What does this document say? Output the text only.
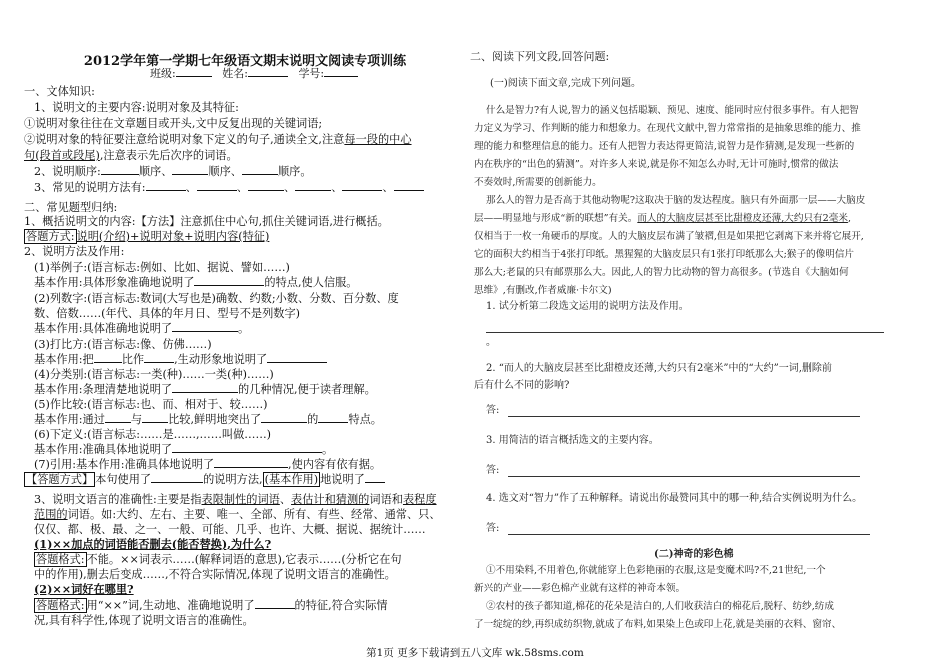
2012学年第一学期七年级语文期末说明文阅读专项训练
班级:	姓名:	学号:
一、文体知识:
1、说明文的主要内容:说明对象及其特征:
①说明对象往往在文章题目或开头,文中反复出现的关键词语;
②说明对象的特征要注意给说明对象下定义的句子,通读全文,注意每一段的中心
句(段首或段尾),注意表示先后次序的词语。
2、说明顺序:	顺序、	顺序、	顺序。
3、常见的说明方法有:	、	、	、	、	、
二、常见题型归纳:
1、概括说明文的内容:【方法】注意抓住中心句,抓住关键词语,进行概括。
答题方式: 说明(介绍)+说明对象+说明内容(特征)
2、说明方法及作用:
(1)举例子:(语言标志:例如、比如、据说、譬如……)
基本作用:具体形象准确地说明了	的特点,使人信服。
(2)列数字:(语言标志:数词(大写也是)确数、约数;小数、分数、百分数、度
数、倍数……(年代、具体的年月日、型号不是列数字)
基本作用:具体准确地说明了	。
(3)打比方:(语言标志:像、仿佛……)
基本作用:把	比作	,生动形象地说明了
(4)分类别:(语言标志:一类(种)……一类(种)……)
基本作用:条理清楚地说明了	的几种情况,便于读者理解。
(5)作比较:(语言标志:也、而、相对于、较……)
基本作用:通过 与 比较,鲜明地突出了	的	特点。
(6)下定义:(语言标志:……是……,……叫做……)
基本作用:准确具体地说明了	。
(7)引用:基本作用:准确具体地说明了	,使内容有依有据。
【答题方式】 本句使用了	的说明方法, (基本作用) 地说明了
3、说明文语言的准确性:主要是指表限制性的词语、表估计和猜测的词语和表程度
范围的词语。如:大约、左右、主要、唯一、全部、所有、有些、经常、通常、只、
仅仅、都、极、最、之一、一般、可能、几乎、也许、大概、据说、据统计……
(1)××加点的词语能否删去(能否替换),为什么?
答题格式: 不能。××词表示……(解释词语的意思),它表示……(分析它在句
中的作用),删去后变成……,不符合实际情况,体现了说明文语言的准确性。
(2)××词好在哪里?
答题格式: 用“××”词,生动地、准确地说明了	的特征,符合实际情
况,具有科学性,体现了说明文语言的准确性。
二、阅读下列文段,回答问题:
(一)阅读下面文章,完成下列问题。
什么是智力?有人说,智力的涵义包括聪颖、预见、速度、能同时应付很多事件。有人把智
力定义为学习、作判断的能力和想象力。在现代文献中,智力常常指的是抽象思维的能力、推
理的能力和整理信息的能力。还有人把智力表达得更简洁,说智力是作猜测,是发现一些新的
内在秩序的“出色的猜测”。对许多人来说,就是你不知怎么办时,无计可施时,惯常的做法
不奏效时,所需要的创新能力。
那么人的智力是否高于其他动物呢?这取决于脑的发达程度。脑只有外面那一层——大脑皮
层——明显地与形成“新的联想”有关。而人的大脑皮层甚至比甜橙皮还薄,大约只有2毫米,
仅相当于一枚一角硬币的厚度。人的大脑皮层布满了皱褶,但是如果把它剥离下来并将它展开,
它的面积大约相当于4张打印纸。黑猩猩的大脑皮层只有1张打印纸那么大;猴子的像明信片
那么大;老鼠的只有邮票那么大。因此,人的智力比动物的智力高很多。(节选自《大脑如何
思维》,有删改,作者威廉·卡尔文)
1. 试分析第二段选文运用的说明方法及作用。
。
2. “而人的大脑皮层甚至比甜橙皮还薄,大约只有2毫米”中的“大约”一词,删除前
后有什么不同的影响?
答:
3. 用简洁的语言概括选文的主要内容。
答:
4. 选文对“智力”作了五种解释。请说出你最赞同其中的哪一种,结合实例说明为什么。
答:
(二)神奇的彩色棉
①不用染料,不用着色,你就能穿上色彩艳丽的衣服,这是变魔术吗?不,21世纪,一个
新兴的产业——彩色棉产业就有这样的神奇本领。
②农村的孩子都知道,棉花的花朵是洁白的,人们收获洁白的棉花后,脱籽、纺纱,纺成
了一绽绽的纱,再织成纺织物,就成了布料,如果染上色或印上花,就是美丽的衣料、窗帘、
第1页 更多下载请到五八文库 wk.58sms.com
